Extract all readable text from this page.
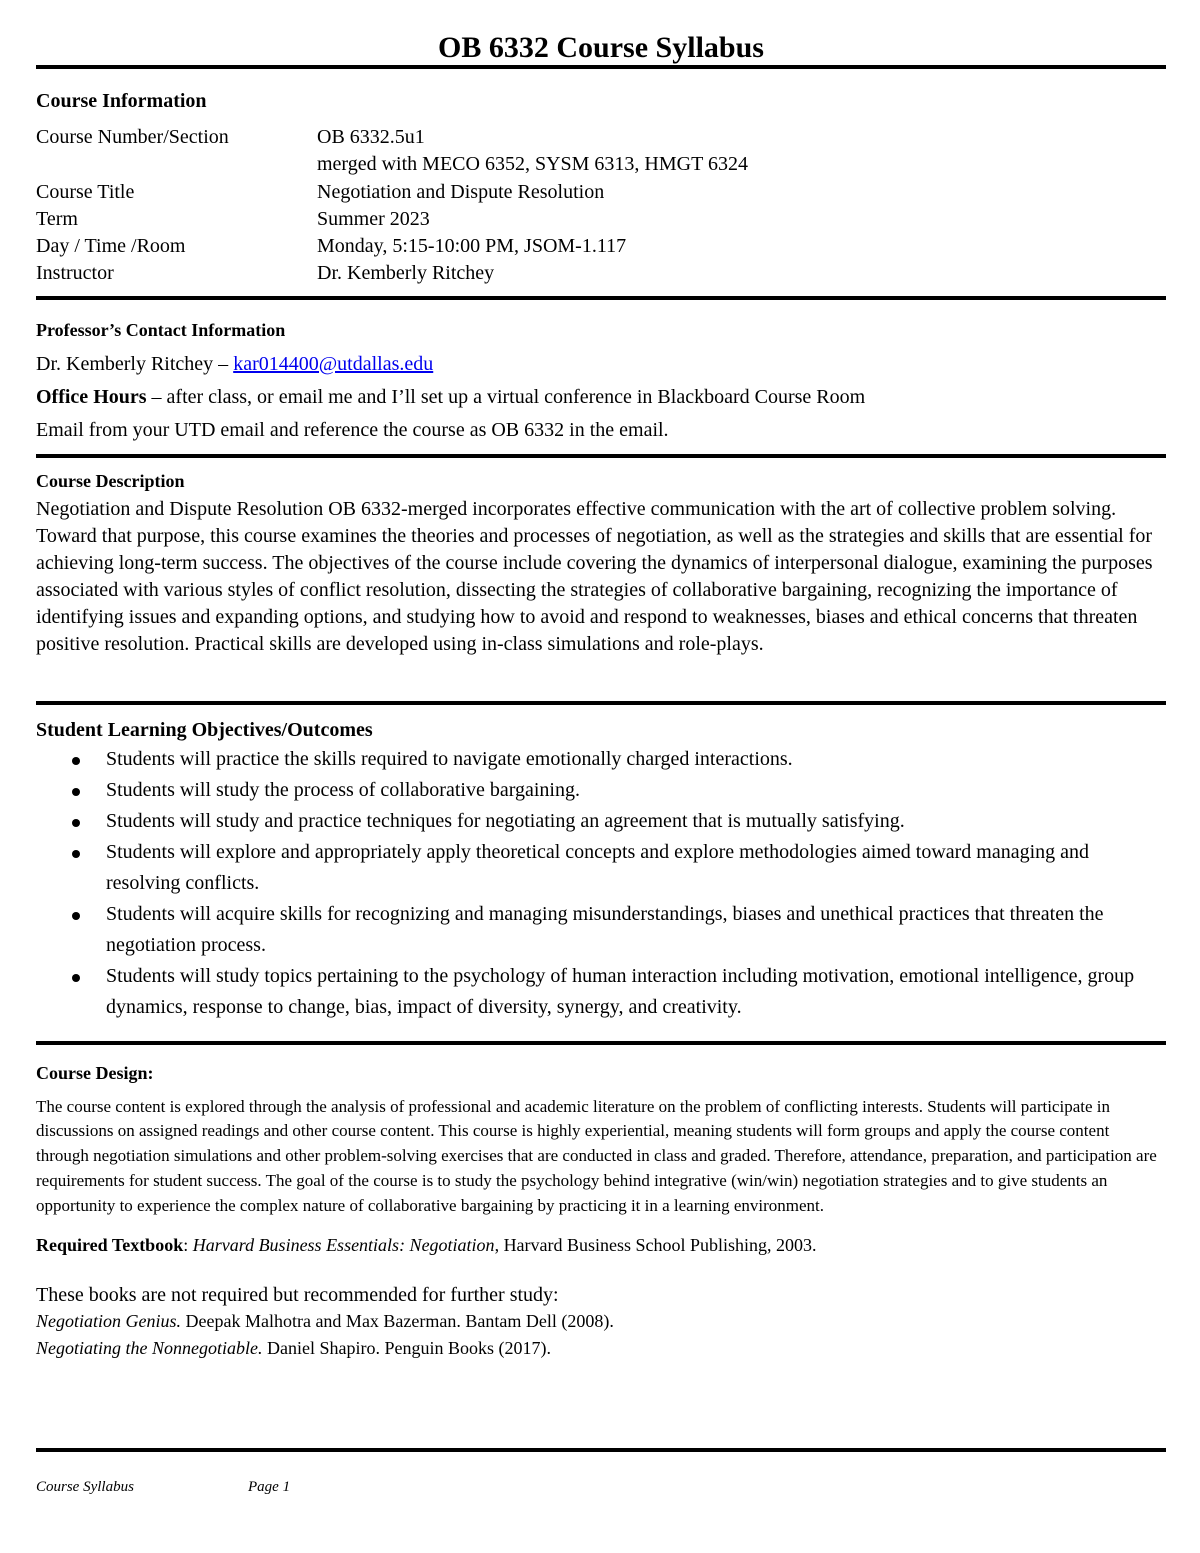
OB 6332 Course Syllabus
Course Information
Course Number/Section	OB 6332.5u1
merged with MECO 6352, SYSM 6313, HMGT 6324
Course Title	Negotiation and Dispute Resolution
Term	Summer 2023
Day / Time /Room	Monday, 5:15-10:00 PM, JSOM-1.117
Instructor	Dr. Kemberly Ritchey
Professor’s Contact Information
Dr. Kemberly Ritchey – kar014400@utdallas.edu
Office Hours – after class, or email me and I’ll set up a virtual conference in Blackboard Course Room
Email from your UTD email and reference the course as OB 6332 in the email.
Course Description

Negotiation and Dispute Resolution OB 6332-merged incorporates effective communication with the art of collective problem solving. Toward that purpose, this course examines the theories and processes of negotiation, as well as the strategies and skills that are essential for achieving long-term success. The objectives of the course include covering the dynamics of interpersonal dialogue, examining the purposes associated with various styles of conflict resolution, dissecting the strategies of collaborative bargaining, recognizing the importance of identifying issues and expanding options, and studying how to avoid and respond to weaknesses, biases and ethical concerns that threaten positive resolution. Practical skills are developed using in-class simulations and role-plays.

Student Learning Objectives/Outcomes
Students will practice the skills required to navigate emotionally charged interactions.
Students will study the process of collaborative bargaining.
Students will study and practice techniques for negotiating an agreement that is mutually satisfying.
Students will explore and appropriately apply theoretical concepts and explore methodologies aimed toward managing and resolving conflicts.
Students will acquire skills for recognizing and managing misunderstandings, biases and unethical practices that threaten the negotiation process.
Students will study topics pertaining to the psychology of human interaction including motivation, emotional intelligence, group dynamics, response to change, bias, impact of diversity, synergy, and creativity.
Course Design:

The course content is explored through the analysis of professional and academic literature on the problem of conflicting interests. Students will participate in discussions on assigned readings and other course content. This course is highly experiential, meaning students will form groups and apply the course content through negotiation simulations and other problem-solving exercises that are conducted in class and graded. Therefore, attendance, preparation, and participation are requirements for student success. The goal of the course is to study the psychology behind integrative (win/win) negotiation strategies and to give students an opportunity to experience the complex nature of collaborative bargaining by practicing it in a learning environment.

Required Textbook: Harvard Business Essentials: Negotiation, Harvard Business School Publishing, 2003.

These books are not required but recommended for further study:

Negotiation Genius. Deepak Malhotra and Max Bazerman. Bantam Dell (2008).
Negotiating the Nonnegotiable. Daniel Shapiro. Penguin Books (2017).
Course Syllabus	Page 1
